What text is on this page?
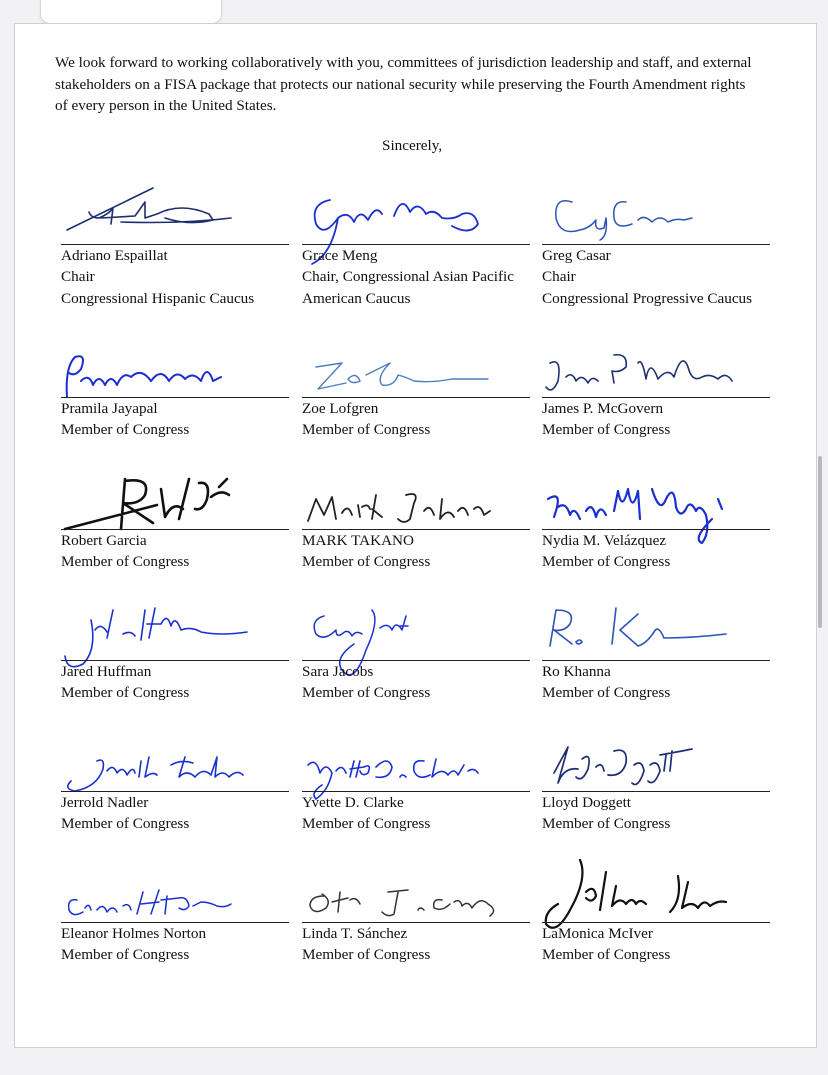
We look forward to working collaboratively with you, committees of jurisdiction leadership and staff, and external stakeholders on a FISA package that protects our national security while preserving the Fourth Amendment rights of every person in the United States.

Sincerely,

Adriano Espaillat
Chair
Congressional Hispanic Caucus
Grace Meng
Chair, Congressional Asian Pacific
American Caucus
Greg Casar
Chair
Congressional Progressive Caucus
Pramila Jayapal
Member of Congress
Zoe Lofgren
Member of Congress
James P. McGovern
Member of Congress
Robert Garcia
Member of Congress
MARK TAKANO
Member of Congress
Nydia M. Velázquez
Member of Congress
Jared Huffman
Member of Congress
Sara Jacobs
Member of Congress
Ro Khanna
Member of Congress
Jerrold Nadler
Member of Congress
Yvette D. Clarke
Member of Congress
Lloyd Doggett
Member of Congress
Eleanor Holmes Norton
Member of Congress
Linda T. Sánchez
Member of Congress
LaMonica McIver
Member of Congress
